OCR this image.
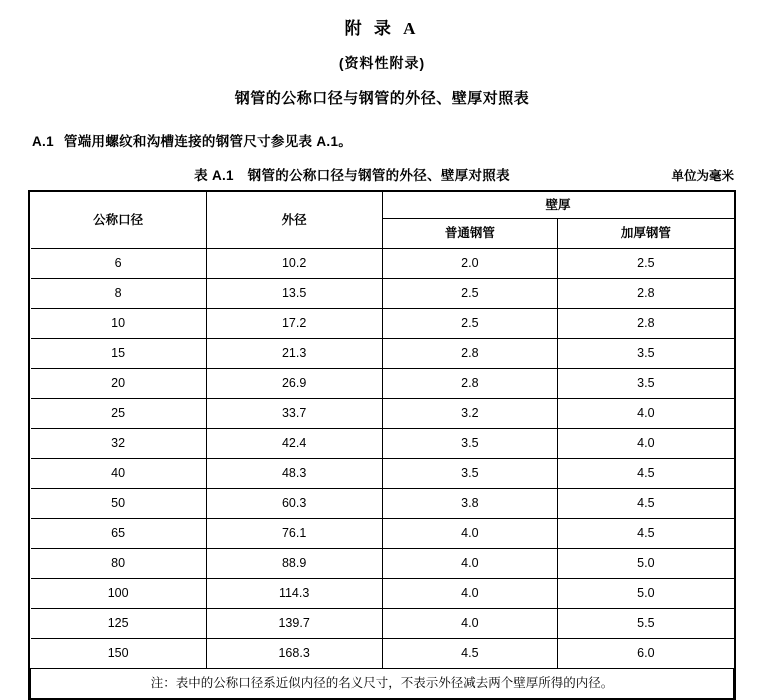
附 录 A
(资料性附录)
钢管的公称口径与钢管的外径、壁厚对照表
A.1 管端用螺纹和沟槽连接的钢管尺寸参见表 A.1。
表 A.1　钢管的公称口径与钢管的外径、壁厚对照表	单位为毫米
公称口径	外径	壁厚	
		普通钢管	加厚钢管
6	10.2	2.0	2.5
8	13.5	2.5	2.8
10	17.2	2.5	2.8
15	21.3	2.8	3.5
20	26.9	2.8	3.5
25	33.7	3.2	4.0
32	42.4	3.5	4.0
40	48.3	3.5	4.5
50	60.3	3.8	4.5
65	76.1	4.0	4.5
80	88.9	4.0	5.0
100	114.3	4.0	5.0
125	139.7	4.0	5.5
150	168.3	4.5	6.0
注：表中的公称口径系近似内径的名义尺寸，不表示外径减去两个壁厚所得的内径。			
